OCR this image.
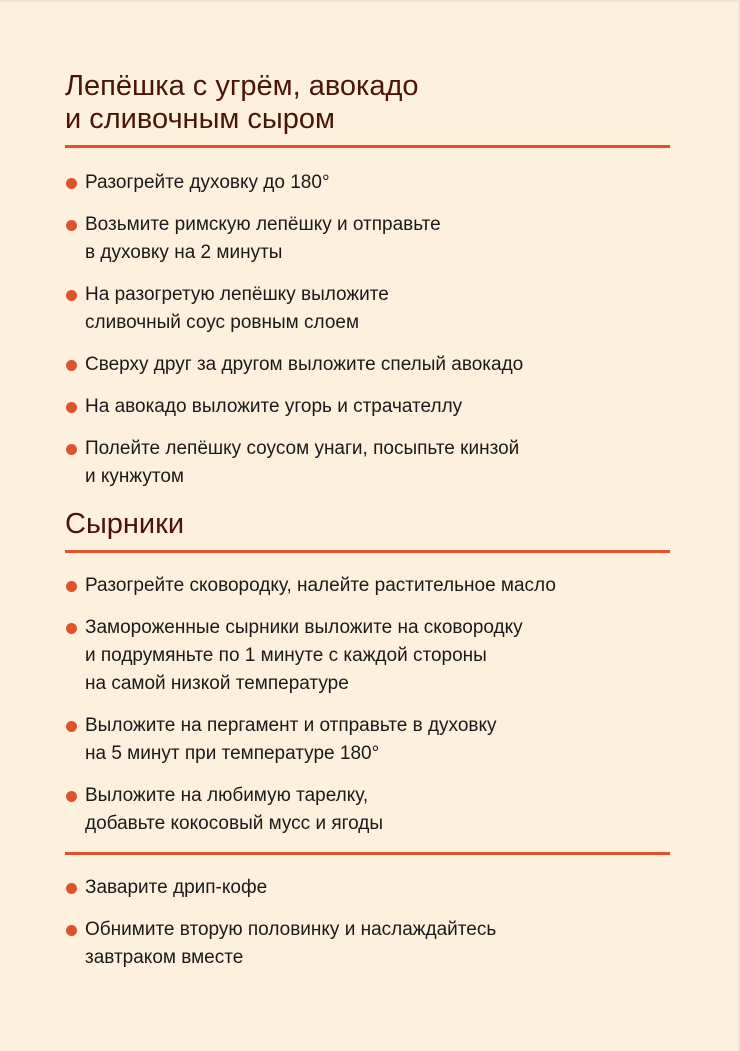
Лепёшка с угрём, авокадо
и сливочным сыром
Разогрейте духовку до 180°
Возьмите римскую лепёшку и отправьте
в духовку на 2 минуты
На разогретую лепёшку выложите
сливочный соус ровным слоем
Сверху друг за другом выложите спелый авокадо
На авокадо выложите угорь и страчателлу
Полейте лепёшку соусом унаги, посыпьте кинзой
и кунжутом
Сырники
Разогрейте сковородку, налейте растительное масло
Замороженные сырники выложите на сковородку
и подрумяньте по 1 минуте с каждой стороны
на самой низкой температуре
Выложите на пергамент и отправьте в духовку
на 5 минут при температуре 180°
Выложите на любимую тарелку,
добавьте кокосовый мусс и ягоды
Заварите дрип-кофе
Обнимите вторую половинку и наслаждайтесь
завтраком вместе
